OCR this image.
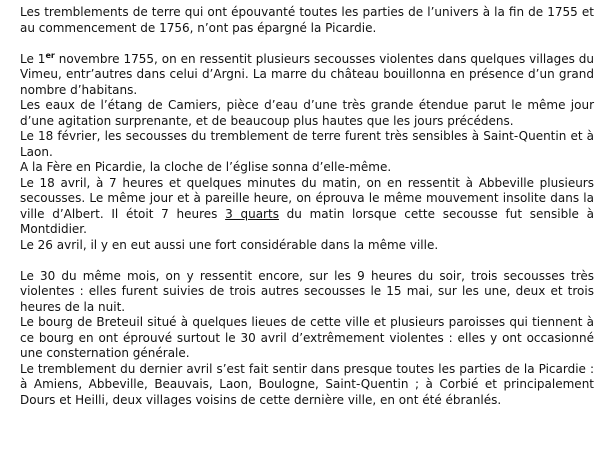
Les tremblements de terre qui ont épouvanté toutes les parties de l’univers à la fin de 1755 et au commencement de 1756, n’ont pas épargné la Picardie.

Le 1er novembre 1755, on en ressentit plusieurs secousses violentes dans quelques villages du Vimeu, entr’autres dans celui d’Argni. La marre du château bouillonna en présence d’un grand nombre d’habitans.

Les eaux de l’étang de Camiers, pièce d’eau d’une très grande étendue parut le même jour d’une agitation surprenante, et de beaucoup plus hautes que les jours précédens.

Le 18 février, les secousses du tremblement de terre furent très sensibles à Saint-Quentin et à Laon.

A la Fère en Picardie, la cloche de l’église sonna d’elle-même.

Le 18 avril, à 7 heures et quelques minutes du matin, on en ressentit à Abbeville plusieurs secousses. Le même jour et à pareille heure, on éprouva le même mouvement insolite dans la ville d’Albert. Il étoit 7 heures 3 quarts du matin lorsque cette secousse fut sensible à Montdidier.

Le 26 avril, il y en eut aussi une fort considérable dans la même ville.

Le 30 du même mois, on y ressentit encore, sur les 9 heures du soir, trois secousses très violentes : elles furent suivies de trois autres secousses le 15 mai, sur les une, deux et trois heures de la nuit.

Le bourg de Breteuil situé à quelques lieues de cette ville et plusieurs paroisses qui tiennent à ce bourg en ont éprouvé surtout le 30 avril d’extrêmement violentes : elles y ont occasionné une consternation générale.

Le tremblement du dernier avril s’est fait sentir dans presque toutes les parties de la Picardie : à Amiens, Abbeville, Beauvais, Laon, Boulogne, Saint-Quentin ; à Corbié et principalement Dours et Heilli, deux villages voisins de cette dernière ville, en ont été ébranlés.
